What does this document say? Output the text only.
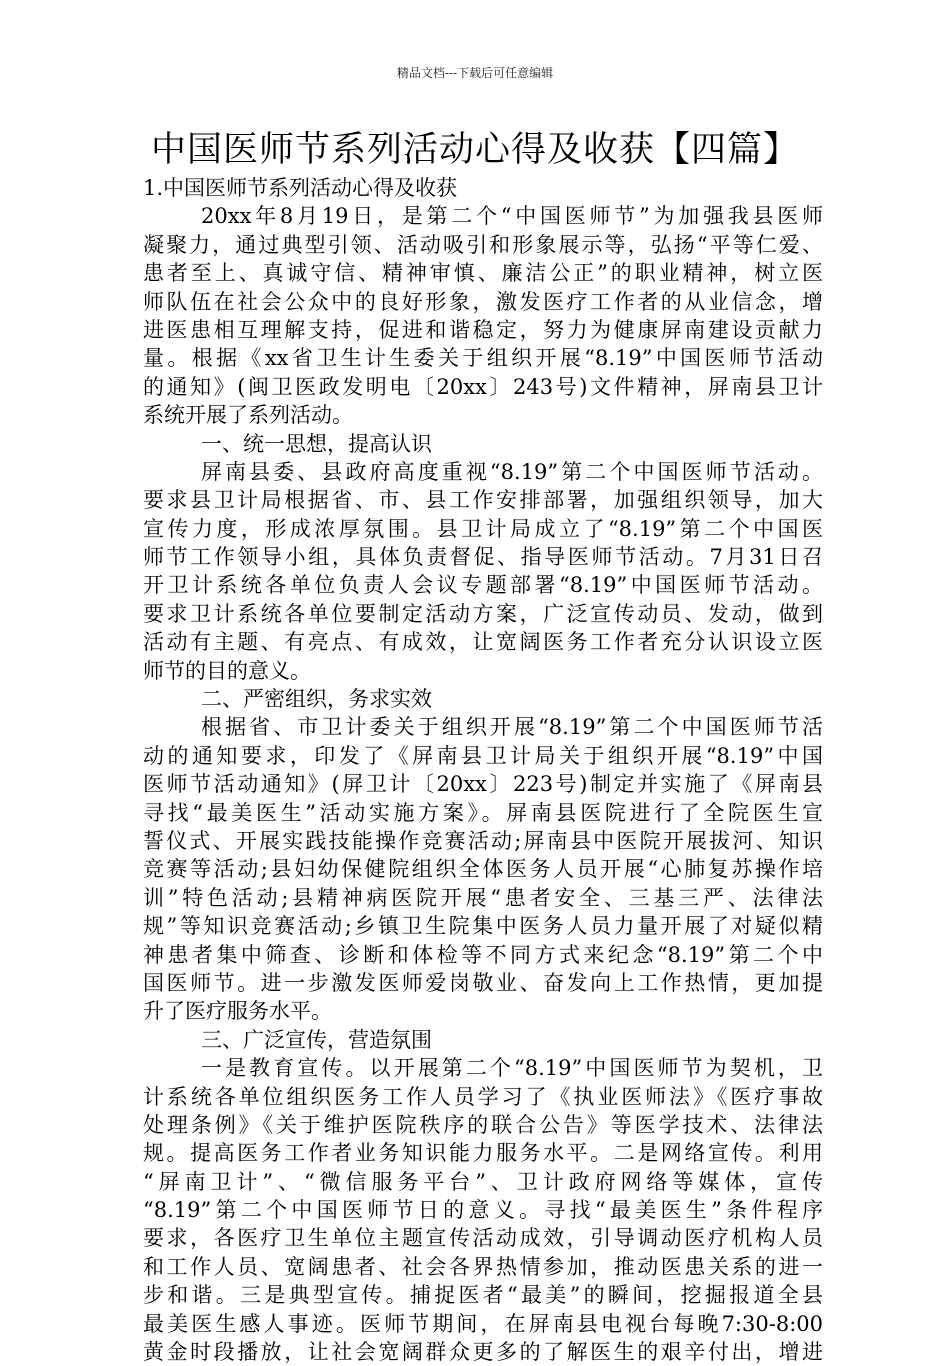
精品文档---下载后可任意编辑
中国医师节系列活动心得及收获【四篇】
1.中国医师节系列活动心得及收获
20xx年8月19日，是第二个“中国医师节”为加强我县医师
凝聚力，通过典型引领、活动吸引和形象展示等，弘扬“平等仁爱、
患者至上、真诚守信、精神审慎、廉洁公正”的职业精神，树立医
师队伍在社会公众中的良好形象，激发医疗工作者的从业信念，增
进医患相互理解支持，促进和谐稳定，努力为健康屏南建设贡献力
量。根据《xx省卫生计生委关于组织开展“8.19”中国医师节活动
的通知》(闽卫医政发明电〔20xx〕243号)文件精神，屏南县卫计
系统开展了系列活动。
一、统一思想，提高认识
屏南县委、县政府高度重视“8.19”第二个中国医师节活动。
要求县卫计局根据省、市、县工作安排部署，加强组织领导，加大
宣传力度，形成浓厚氛围。县卫计局成立了“8.19”第二个中国医
师节工作领导小组，具体负责督促、指导医师节活动。7月31日召
开卫计系统各单位负责人会议专题部署“8.19”中国医师节活动。
要求卫计系统各单位要制定活动方案，广泛宣传动员、发动，做到
活动有主题、有亮点、有成效，让宽阔医务工作者充分认识设立医
师节的目的意义。
二、严密组织，务求实效
根据省、市卫计委关于组织开展“8.19”第二个中国医师节活
动的通知要求，印发了《屏南县卫计局关于组织开展“8.19”中国
医师节活动通知》(屏卫计〔20xx〕223号)制定并实施了《屏南县
寻找“最美医生”活动实施方案》。屏南县医院进行了全院医生宣
誓仪式、开展实践技能操作竞赛活动;屏南县中医院开展拔河、知识
竞赛等活动;县妇幼保健院组织全体医务人员开展“心肺复苏操作培
训”特色活动;县精神病医院开展“患者安全、三基三严、法律法
规”等知识竞赛活动;乡镇卫生院集中医务人员力量开展了对疑似精
神患者集中筛查、诊断和体检等不同方式来纪念“8.19”第二个中
国医师节。进一步激发医师爱岗敬业、奋发向上工作热情，更加提
升了医疗服务水平。
三、广泛宣传，营造氛围
一是教育宣传。以开展第二个“8.19”中国医师节为契机，卫
计系统各单位组织医务工作人员学习了《执业医师法》《医疗事故
处理条例》《关于维护医院秩序的联合公告》等医学技术、法律法
规。提高医务工作者业务知识能力服务水平。二是网络宣传。利用
“屏南卫计”、“微信服务平台”、卫计政府网络等媒体，宣传
“8.19”第二个中国医师节日的意义。寻找“最美医生”条件程序
要求，各医疗卫生单位主题宣传活动成效，引导调动医疗机构人员
和工作人员、宽阔患者、社会各界热情参加，推动医患关系的进一
步和谐。三是典型宣传。捕捉医者“最美”的瞬间，挖掘报道全县
最美医生感人事迹。医师节期间，在屏南县电视台每晚7:30-8:00
黄金时段播放，让社会宽阔群众更多的了解医生的艰辛付出，增进
